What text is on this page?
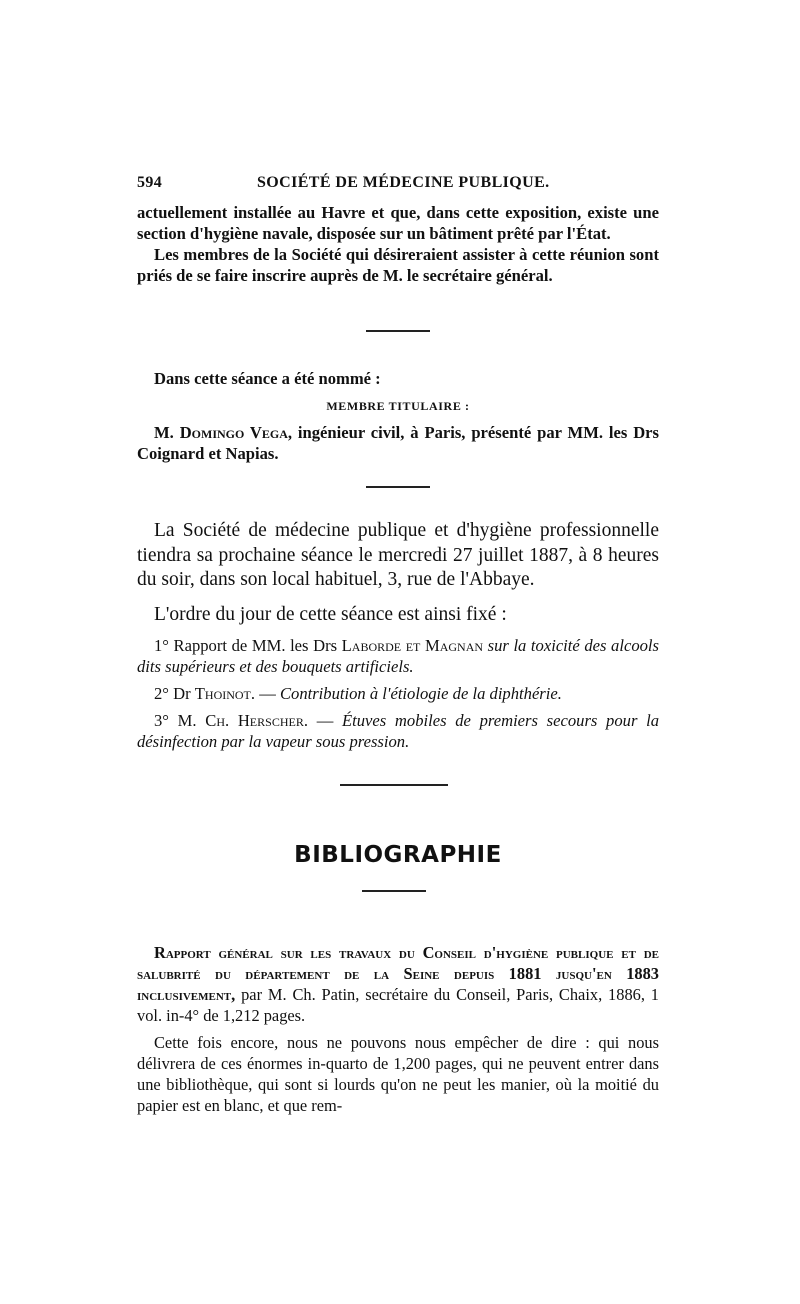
594	SOCIÉTÉ DE MÉDECINE PUBLIQUE.

actuellement installée au Havre et que, dans cette exposition, existe une section d'hygiène navale, disposée sur un bâtiment prêté par l'État.

Les membres de la Société qui désireraient assister à cette réunion sont priés de se faire inscrire auprès de M. le secrétaire général.

Dans cette séance a été nommé :

MEMBRE TITULAIRE :

M. Domingo Vega, ingénieur civil, à Paris, présenté par MM. les Drs Coignard et Napias.

La Société de médecine publique et d'hygiène professionnelle tiendra sa prochaine séance le mercredi 27 juillet 1887, à 8 heures du soir, dans son local habituel, 3, rue de l'Abbaye.

L'ordre du jour de cette séance est ainsi fixé :

1° Rapport de MM. les Drs Laborde et Magnan sur la toxicité des alcools dits supérieurs et des bouquets artificiels.

2° Dr Thoinot. — Contribution à l'étiologie de la diphthérie.

3° M. Ch. Herscher. — Étuves mobiles de premiers secours pour la désinfection par la vapeur sous pression.

BIBLIOGRAPHIE

Rapport général sur les travaux du Conseil d'hygiène publique et de salubrité du département de la Seine depuis 1881 jusqu'en 1883 inclusivement, par M. Ch. Patin, secrétaire du Conseil, Paris, Chaix, 1886, 1 vol. in-4° de 1,212 pages.

Cette fois encore, nous ne pouvons nous empêcher de dire : qui nous délivrera de ces énormes in-quarto de 1,200 pages, qui ne peuvent entrer dans une bibliothèque, qui sont si lourds qu'on ne peut les manier, où la moitié du papier est en blanc, et que rem-
